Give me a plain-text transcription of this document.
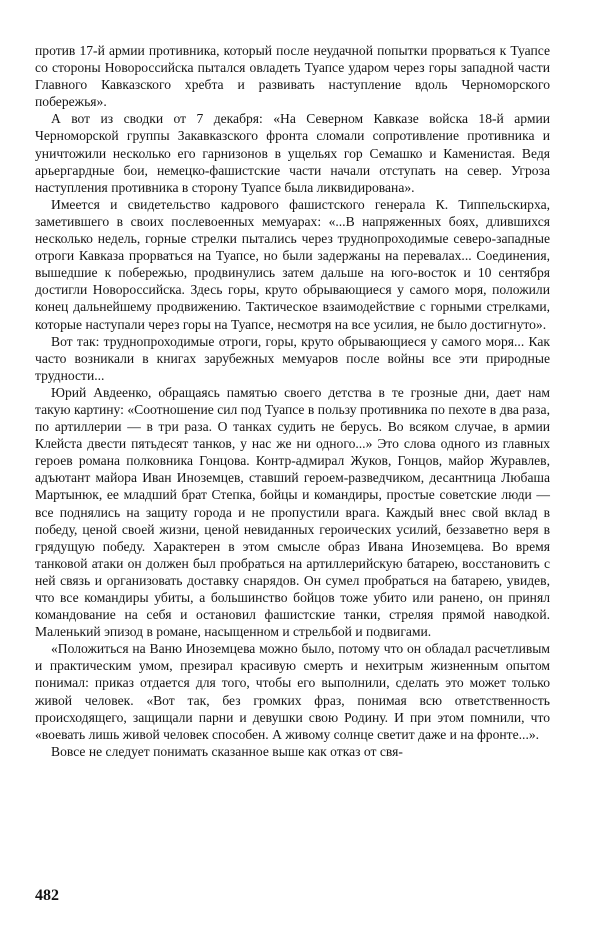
против 17-й армии противника, который после неудачной попытки прорваться к Туапсе со стороны Новороссийска пытался овладеть Туапсе ударом через горы западной части Главного Кавказского хребта и развивать наступление вдоль Черноморского побережья».

А вот из сводки от 7 декабря: «На Северном Кавказе войска 18-й армии Черноморской группы Закавказского фронта сломали сопротивление противника и уничтожили несколько его гарнизонов в ущельях гор Семашко и Каменистая. Ведя арьергардные бои, немецко-фашистские части начали отступать на север. Угроза наступления противника в сторону Туапсе была ликвидирована».

Имеется и свидетельство кадрового фашистского генерала К. Типпельскирха, заметившего в своих послевоенных мемуарах: «...В напряженных боях, длившихся несколько недель, горные стрелки пытались через труднопроходимые северо-западные отроги Кавказа прорваться на Туапсе, но были задержаны на перевалах... Соединения, вышедшие к побережью, продвинулись затем дальше на юго-восток и 10 сентября достигли Новороссийска. Здесь горы, круто обрывающиеся у самого моря, положили конец дальнейшему продвижению. Тактическое взаимодействие с горными стрелками, которые наступали через горы на Туапсе, несмотря на все усилия, не было достигнуто».

Вот так: труднопроходимые отроги, горы, круто обрывающиеся у самого моря... Как часто возникали в книгах зарубежных мемуаров после войны все эти природные трудности...

Юрий Авдеенко, обращаясь памятью своего детства в те грозные дни, дает нам такую картину: «Соотношение сил под Туапсе в пользу противника по пехоте в два раза, по артиллерии — в три раза. О танках судить не берусь. Во всяком случае, в армии Клейста двести пятьдесят танков, у нас же ни одного...» Это слова одного из главных героев романа полковника Гонцова. Контр-адмирал Жуков, Гонцов, майор Журавлев, адъютант майора Иван Иноземцев, ставший героем-разведчиком, десантница Любаша Мартынюк, ее младший брат Степка, бойцы и командиры, простые советские люди — все поднялись на защиту города и не пропустили врага. Каждый внес свой вклад в победу, ценой своей жизни, ценой невиданных героических усилий, беззаветно веря в грядущую победу. Характерен в этом смысле образ Ивана Иноземцева. Во время танковой атаки он должен был пробраться на артиллерийскую батарею, восстановить с ней связь и организовать доставку снарядов. Он сумел пробраться на батарею, увидев, что все командиры убиты, а большинство бойцов тоже убито или ранено, он принял командование на себя и остановил фашистские танки, стреляя прямой наводкой. Маленький эпизод в романе, насыщенном и стрельбой и подвигами.

«Положиться на Ваню Иноземцева можно было, потому что он обладал расчетливым и практическим умом, презирал красивую смерть и нехитрым жизненным опытом понимал: приказ отдается для того, чтобы его выполнили, сделать это может только живой человек. «Вот так, без громких фраз, понимая всю ответственность происходящего, защищали парни и девушки свою Родину. И при этом помнили, что «воевать лишь живой человек способен. А живому солнце светит даже и на фронте...».

Вовсе не следует понимать сказанное выше как отказ от свя-

482
